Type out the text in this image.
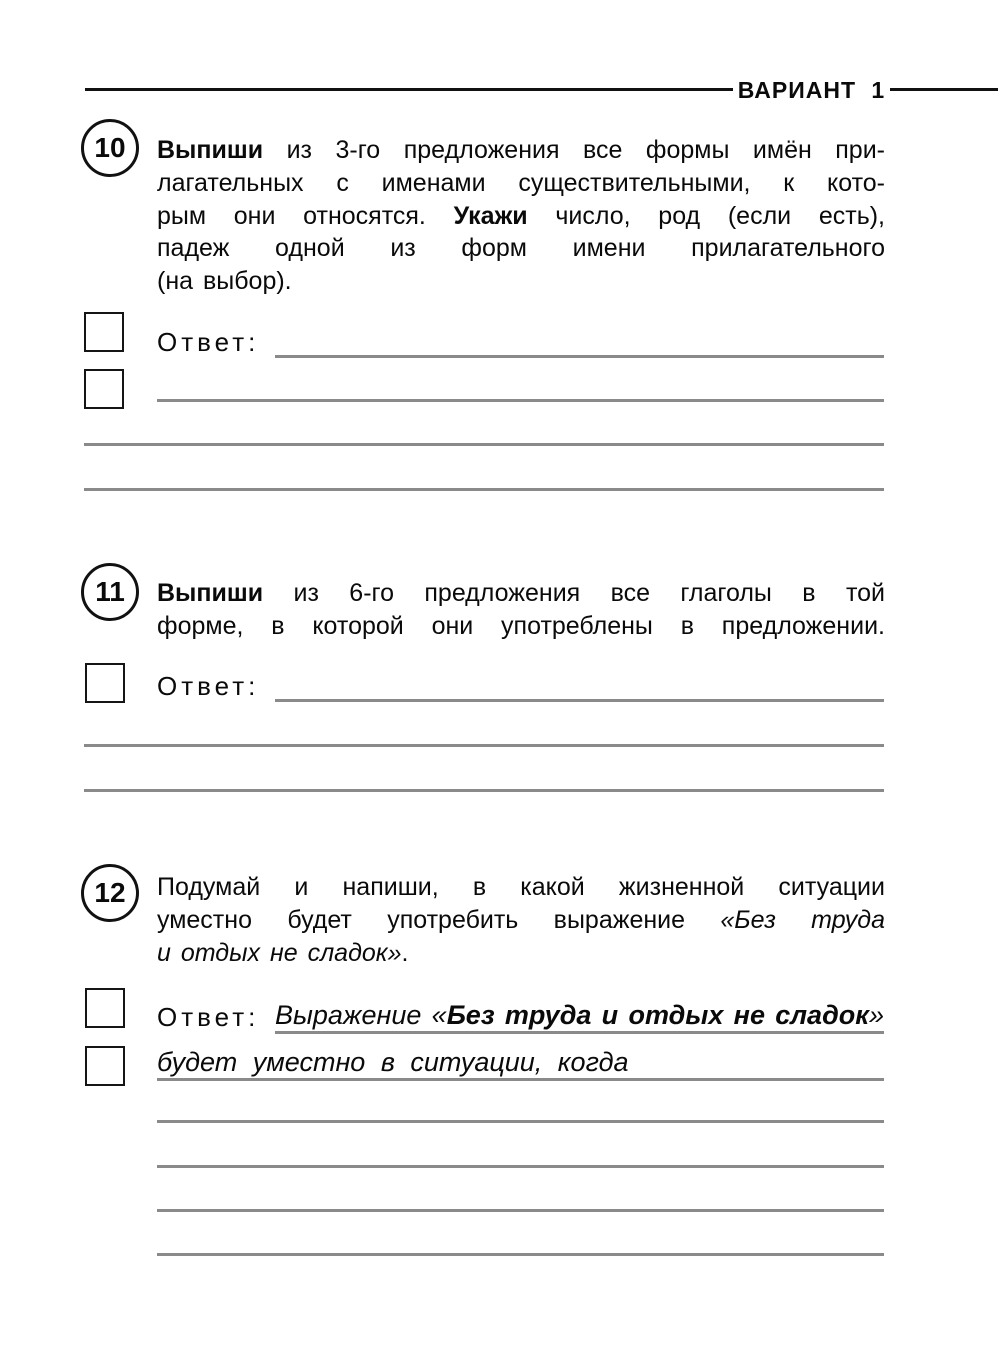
ВАРИАНТ 1
10 Выпиши из 3-го предложения все формы имён при-
лагательных с именами существительными, к кото-
рым они относятся. Укажи число, род (если есть),
падеж одной из форм имени прилагательного
(на выбор).
Ответ:
11 Выпиши из 6-го предложения все глаголы в той
форме, в которой они употреблены в предложении.
Ответ:
12 Подумай и напиши, в какой жизненной ситуации
уместно будет употребить выражение «Без труда
и отдых не сладок».
Ответ: Выражение «Без труда и отдых не сладок»
будет уместно в ситуации, когда
